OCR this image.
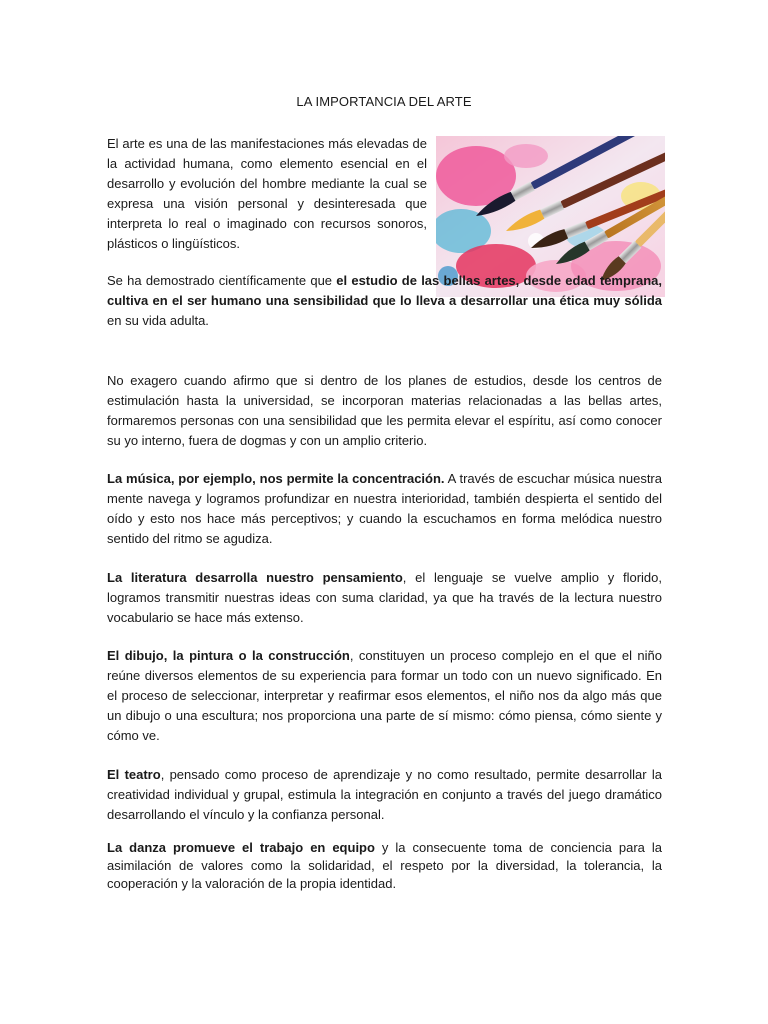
LA IMPORTANCIA DEL ARTE

El arte es una de las manifestaciones más elevadas de la actividad humana, como elemento esencial en el desarrollo y evolución del hombre mediante la cual se expresa una visión personal y desinteresada que interpreta lo real o imaginado con recursos sonoros, plásticos o lingüísticos.

Se ha demostrado científicamente que el estudio de las bellas artes, desde edad temprana, cultiva en el ser humano una sensibilidad que lo lleva a desarrollar una ética muy sólida en su vida adulta.

No exagero cuando afirmo que si dentro de los planes de estudios, desde los centros de estimulación hasta la universidad, se incorporan materias relacionadas a las bellas artes, formaremos personas con una sensibilidad que les permita elevar el espíritu, así como conocer su yo interno, fuera de dogmas y con un amplio criterio.

La música, por ejemplo, nos permite la concentración. A través de escuchar música nuestra mente navega y logramos profundizar en nuestra interioridad, también despierta el sentido del oído y esto nos hace más perceptivos; y cuando la escuchamos en forma melódica nuestro sentido del ritmo se agudiza.

La literatura desarrolla nuestro pensamiento, el lenguaje se vuelve amplio y florido, logramos transmitir nuestras ideas con suma claridad, ya que ha través de la lectura nuestro vocabulario se hace más extenso.

El dibujo, la pintura o la construcción, constituyen un proceso complejo en el que el niño reúne diversos elementos de su experiencia para formar un todo con un nuevo significado. En el proceso de seleccionar, interpretar y reafirmar esos elementos, el niño nos da algo más que un dibujo o una escultura; nos proporciona una parte de sí mismo: cómo piensa, cómo siente y cómo ve.

El teatro, pensado como proceso de aprendizaje y no como resultado, permite desarrollar la creatividad individual y grupal, estimula la integración en conjunto a través del juego dramático desarrollando el vínculo y la confianza personal.

La danza promueve el trabajo en equipo y la consecuente toma de conciencia para la asimilación de valores como la solidaridad, el respeto por la diversidad, la tolerancia, la cooperación y la valoración de la propia identidad.
